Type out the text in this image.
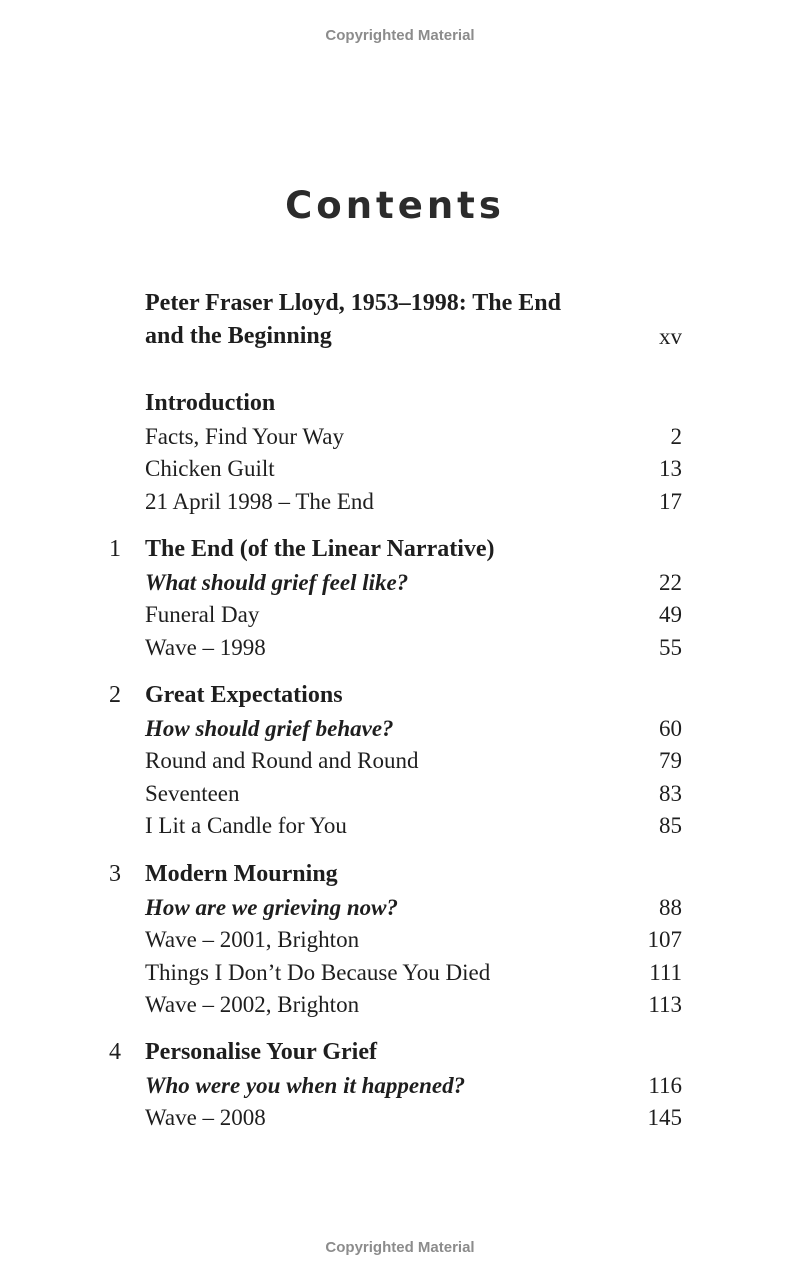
Copyrighted Material
Contents
Peter Fraser Lloyd, 1953–1998: The End
and the Beginning	xv
Introduction
Facts, Find Your Way	2
Chicken Guilt	13
21 April 1998 – The End	17
1	The End (of the Linear Narrative)
What should grief feel like?	22
Funeral Day	49
Wave – 1998	55
2	Great Expectations
How should grief behave?	60
Round and Round and Round	79
Seventeen	83
I Lit a Candle for You	85
3	Modern Mourning
How are we grieving now?	88
Wave – 2001, Brighton	107
Things I Don’t Do Because You Died	111
Wave – 2002, Brighton	113
4	Personalise Your Grief
Who were you when it happened?	116
Wave – 2008	145
Copyrighted Material
